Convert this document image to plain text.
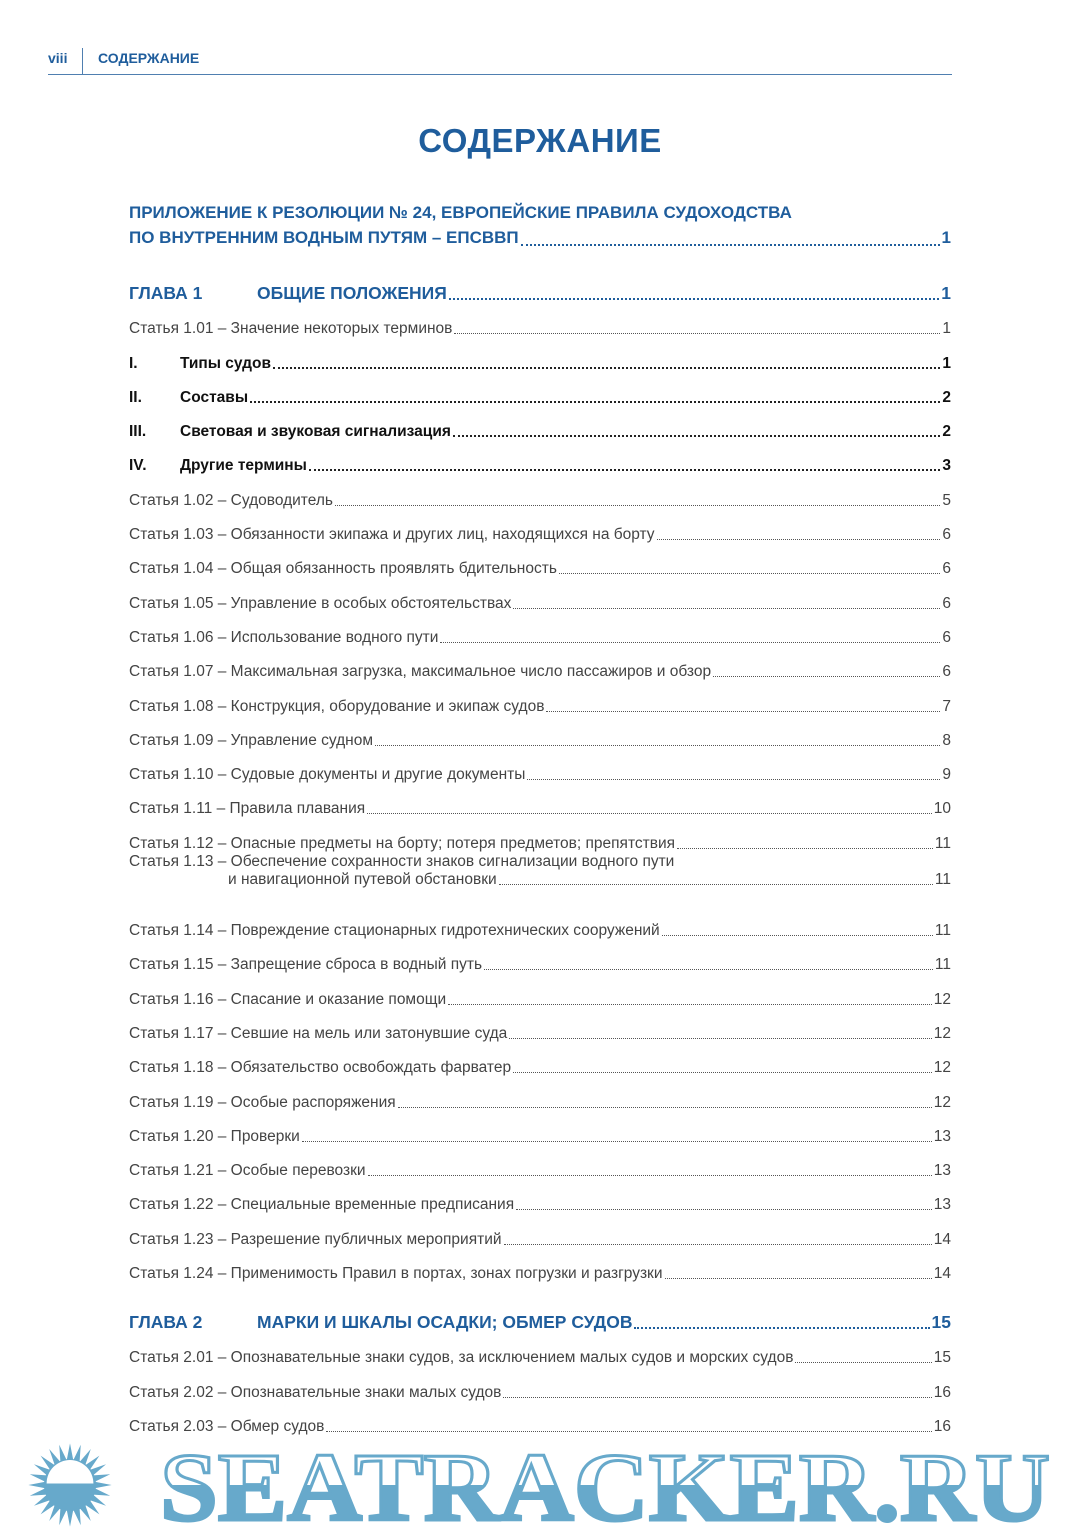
viii СОДЕРЖАНИЕ
СОДЕРЖАНИЕ
ПРИЛОЖЕНИЕ К РЕЗОЛЮЦИИ № 24, ЕВРОПЕЙСКИЕ ПРАВИЛА СУДОХОДСТВА
ПО ВНУТРЕННИМ ВОДНЫМ ПУТЯМ – ЕПСВВП	1
ГЛАВА 1	ОБЩИЕ ПОЛОЖЕНИЯ	1
Статья 1.01 – Значение некоторых терминов	1
I.	Типы судов	1
II.	Составы	2
III.	Световая и звуковая сигнализация	2
IV.	Другие термины	3
Статья 1.02 – Судоводитель	5
Статья 1.03 – Обязанности экипажа и других лиц, находящихся на борту	6
Статья 1.04 – Общая обязанность проявлять бдительность	6
Статья 1.05 – Управление в особых обстоятельствах	6
Статья 1.06 – Использование водного пути	6
Статья 1.07 – Максимальная загрузка, максимальное число пассажиров и обзор	6
Статья 1.08 – Конструкция, оборудование и экипаж судов	7
Статья 1.09 – Управление судном	8
Статья 1.10 – Судовые документы и другие документы	9
Статья 1.11 – Правила плавания	10
Статья 1.12 – Опасные предметы на борту; потеря предметов; препятствия	11
Статья 1.13 – Обеспечение сохранности знаков сигнализации водного пути
и навигационной путевой обстановки	11
Статья 1.14 – Повреждение стационарных гидротехнических сооружений	11
Статья 1.15 – Запрещение сброса в водный путь	11
Статья 1.16 – Спасание и оказание помощи	12
Статья 1.17 – Севшие на мель или затонувшие суда	12
Статья 1.18 – Обязательство освобождать фарватер	12
Статья 1.19 – Особые распоряжения	12
Статья 1.20 – Проверки	13
Статья 1.21 – Особые перевозки	13
Статья 1.22 – Специальные временные предписания	13
Статья 1.23 – Разрешение публичных мероприятий	14
Статья 1.24 – Применимость Правил в портах, зонах погрузки и разгрузки	14
ГЛАВА 2	МАРКИ И ШКАЛЫ ОСАДКИ; ОБМЕР СУДОВ	15
Статья 2.01 – Опознавательные знаки судов, за исключением малых судов и морских судов	15
Статья 2.02 – Опознавательные знаки малых судов	16
Статья 2.03 – Обмер судов	16
SEATRACKER.RU
